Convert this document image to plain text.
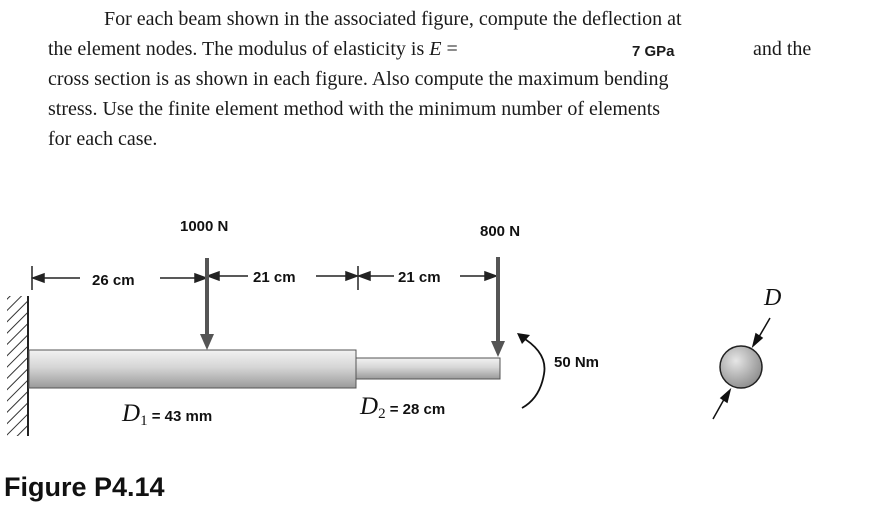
For each beam shown in the associated figure, compute the deflection at
the element nodes. The modulus of elasticity is E =	7 GPa	and the
cross section is as shown in each figure. Also compute the maximum bending
stress. Use the finite element method with the minimum number of elements
for each case.
1000 N	800 N
50 Nm
26 cm	21 cm	21 cm
$D_1 = 43$ mm	$D_2 = 28$ cm
D
Figure P4.14
